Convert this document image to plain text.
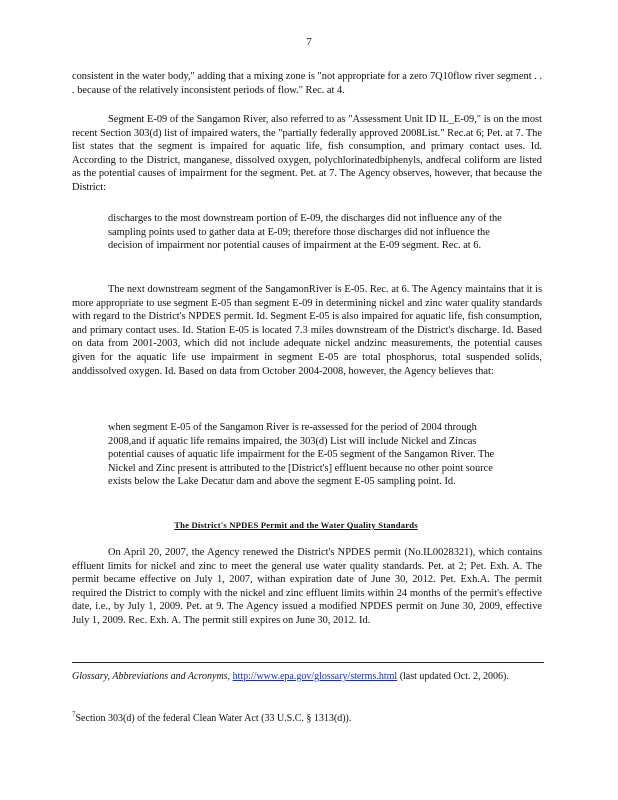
7

consistent in the water body," adding that a mixing zone is "not appropriate for a zero 7Q10flow river segment . . . because of the relatively inconsistent periods of flow." Rec. at 4.

Segment E-09 of the Sangamon River, also referred to as "Assessment Unit ID IL_E-09," is on the most recent Section 303(d) list of impaired waters, the "partially federally approved 2008List." Rec.at 6; Pet. at 7. The list states that the segment is impaired for aquatic life, fish consumption, and primary contact uses. Id. According to the District, manganese, dissolved oxygen, polychlorinatedbiphenyls, andfecal coliform are listed as the potential causes of impairment for the segment. Pet. at 7. The Agency observes, however, that because the District:

discharges to the most downstream portion of E-09, the discharges did not influence any of the sampling points used to gather data at E-09; therefore those discharges did not influence the decision of impairment nor potential causes of impairment at the E-09 segment. Rec. at 6.

The next downstream segment of the SangamonRiver is E-05. Rec. at 6. The Agency maintains that it is more appropriate to use segment E-05 than segment E-09 in determining nickel and zinc water quality standards with regard to the District's NPDES permit. Id. Segment E-05 is also impaired for aquatic life, fish consumption, and primary contact uses. Id. Station E-05 is located 7.3 miles downstream of the District's discharge. Id. Based on data from 2001-2003, which did not include adequate nickel andzinc measurements, the potential causes given for the aquatic life use impairment in segment E-05 are total phosphorus, total suspended solids, anddissolved oxygen. Id. Based on data from October 2004-2008, however, the Agency believes that:

when segment E-05 of the Sangamon River is re-assessed for the period of 2004 through 2008,and if aquatic life remains impaired, the 303(d) List will include Nickel and Zincas potential causes of aquatic life impairment for the E-05 segment of the Sangamon River. The Nickel and Zinc present is attributed to the [District's] effluent because no other point source exists below the Lake Decatur dam and above the segment E-05 sampling point. Id.

The District's NPDES Permit and the Water Quality Standards

On April 20, 2007, the Agency renewed the District's NPDES permit (No.IL0028321), which contains effluent limits for nickel and zinc to meet the general use water quality standards. Pet. at 2; Pet. Exh. A. The permit became effective on July 1, 2007, withan expiration date of June 30, 2012. Pet. Exh.A. The permit required the District to comply with the nickel and zinc effluent limits within 24 months of the permit's effective date, i.e., by July 1, 2009. Pet. at 9. The Agency issued a modified NPDES permit on June 30, 2009, effective July 1, 2009. Rec. Exh. A. The permit still expires on June 30, 2012. Id.

Glossary, Abbreviations and Acronyms, http://www.epa.gov/glossary/sterms.html (last updated Oct. 2, 2006).
$^7$Section 303(d) of the federal Clean Water Act (33 U.S.C. § 1313(d)).
